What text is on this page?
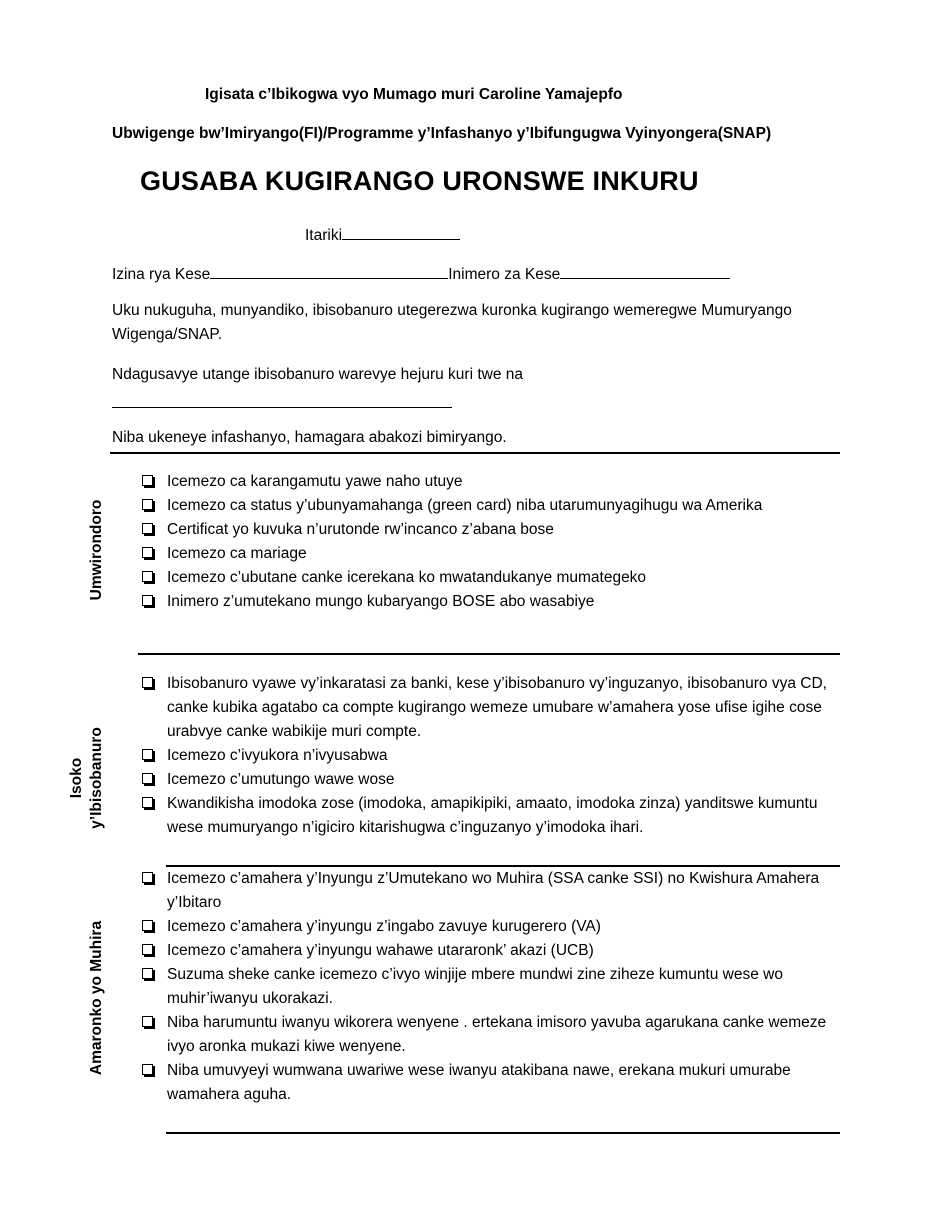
Igisata c’Ibikogwa vyo Mumago muri Caroline Yamajepfo
Ubwigenge bw’Imiryango(FI)/Programme y’Infashanyo y’Ibifungugwa Vyinyongera(SNAP)
GUSABA KUGIRANGO URONSWE INKURU
Itariki
Izina rya Kese	Inimero za Kese
Uku nukuguha, munyandiko, ibisobanuro utegerezwa kuronka kugirango wemeregwe Mumuryango Wigenga/SNAP.
Ndagusavye utange ibisobanuro warevye hejuru kuri twe na
Niba ukeneye infashanyo, hamagara abakozi bimiryango.
Umwirondoro
Icemezo ca karangamutu yawe naho utuye
Icemezo ca status y’ubunyamahanga (green card) niba utarumunyagihugu wa Amerika
Certificat yo kuvuka n’urutonde rw’incanco z’abana bose
Icemezo ca mariage
Icemezo c’ubutane canke icerekana ko mwatandukanye mumategeko
Inimero z’umutekano mungo kubaryango BOSE abo wasabiye
Isoko y’Ibisobanuro
Ibisobanuro vyawe vy’inkaratasi za banki, kese y’ibisobanuro vy’inguzanyo, ibisobanuro vya CD, canke kubika agatabo ca compte kugirango wemeze umubare w’amahera yose ufise igihe cose urabvye canke wabikije muri compte.
Icemezo c’ivyukora n’ivyusabwa
Icemezo c’umutungo wawe wose
Kwandikisha imodoka zose (imodoka, amapikipiki, amaato, imodoka zinza) yanditswe kumuntu wese mumuryango n’igiciro kitarishugwa c’inguzanyo y’imodoka ihari.
Amaronko yo Muhira
Icemezo c’amahera y’Inyungu z’Umutekano wo Muhira (SSA canke SSI) no Kwishura Amahera y’Ibitaro
Icemezo c’amahera y’inyungu z’ingabo zavuye kurugerero (VA)
Icemezo c’amahera y’inyungu wahawe utararonk’ akazi (UCB)
Suzuma sheke canke icemezo c’ivyo winjije mbere mundwi zine ziheze kumuntu wese wo muhir’iwanyu ukorakazi.
Niba harumuntu iwanyu wikorera wenyene . ertekana imisoro yavuba agarukana canke wemeze ivyo aronka mukazi kiwe wenyene.
Niba umuvyeyi wumwana uwariwe wese iwanyu atakibana nawe, erekana mukuri umurabe wamahera aguha.
